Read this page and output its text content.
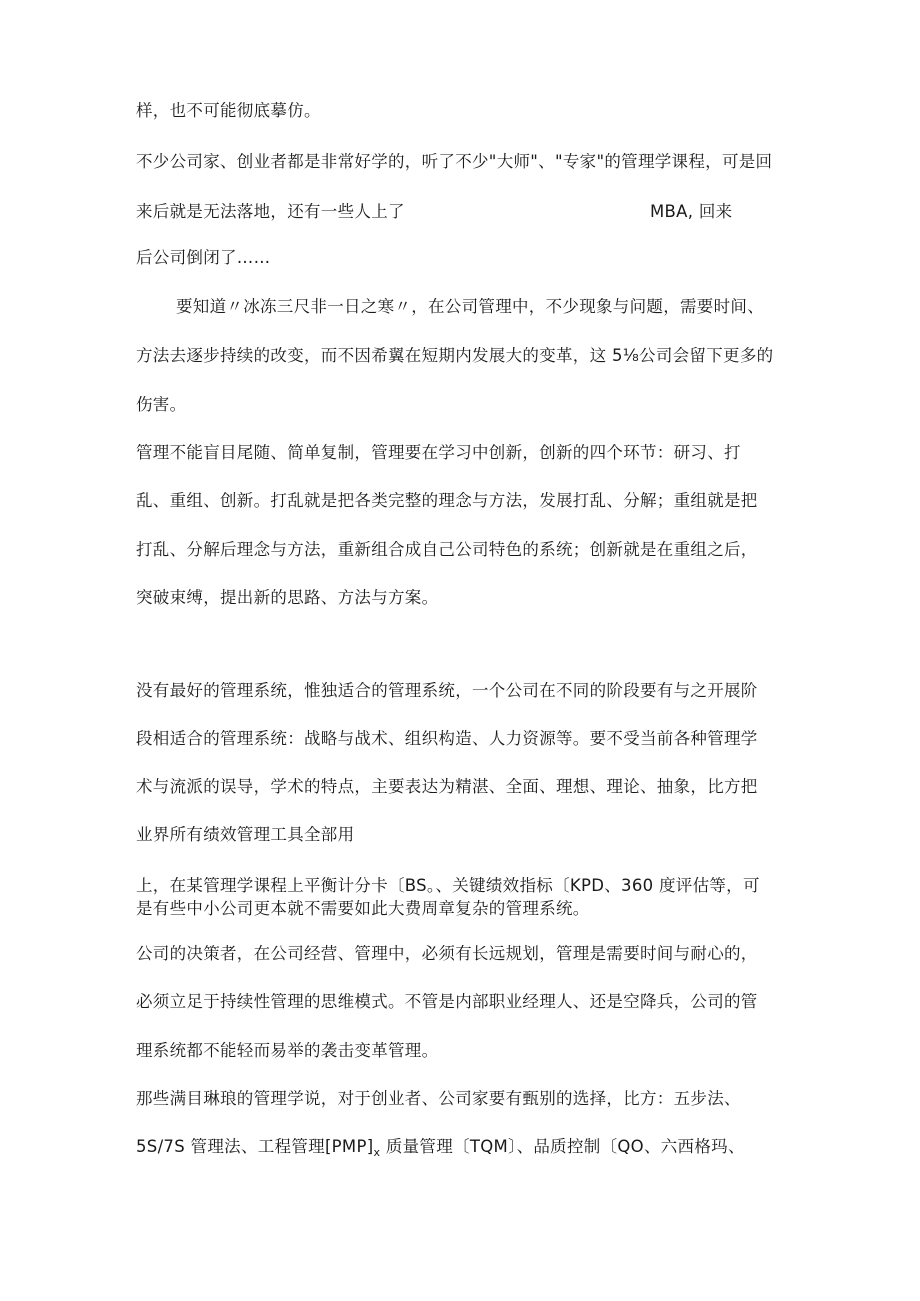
样，也不可能彻底摹仿。
不少公司家、创业者都是非常好学的，听了不少"大师"、"专家"的管理学课程，可是回
来后就是无法落地，还有一些人上了	MBA, 回来
后公司倒闭了……
要知道〃冰冻三尺非一日之寒〃，在公司管理中，不少现象与问题，需要时间、
方法去逐步持续的改变，而不因希翼在短期内发展大的变革，这 5⅛公司会留下更多的
伤害。
管理不能盲目尾随、简单复制，管理要在学习中创新，创新的四个环节：研习、打
乱、重组、创新。打乱就是把各类完整的理念与方法，发展打乱、分解；重组就是把
打乱、分解后理念与方法，重新组合成自己公司特色的系统；创新就是在重组之后，
突破束缚，提出新的思路、方法与方案。
没有最好的管理系统，惟独适合的管理系统，一个公司在不同的阶段要有与之开展阶
段相适合的管理系统：战略与战术、组织构造、人力资源等。要不受当前各种管理学
术与流派的误导，学术的特点，主要表达为精湛、全面、理想、理论、抽象，比方把
业界所有绩效管理工具全部用
上，在某管理学课程上平衡计分卡〔BS。、关键绩效指标〔KPD、360 度评估等，可
是有些中小公司更本就不需要如此大费周章复杂的管理系统。
公司的决策者，在公司经营、管理中，必须有长远规划，管理是需要时间与耐心的，
必须立足于持续性管理的思维模式。不管是内部职业经理人、还是空降兵，公司的管
理系统都不能轻而易举的袭击变革管理。
那些满目琳琅的管理学说，对于创业者、公司家要有甄别的选择，比方：五步法、
5S/7S 管理法、工程管理$[PMP]_x$ 质量管理〔TQM〕、品质控制〔QO、六西格玛、
